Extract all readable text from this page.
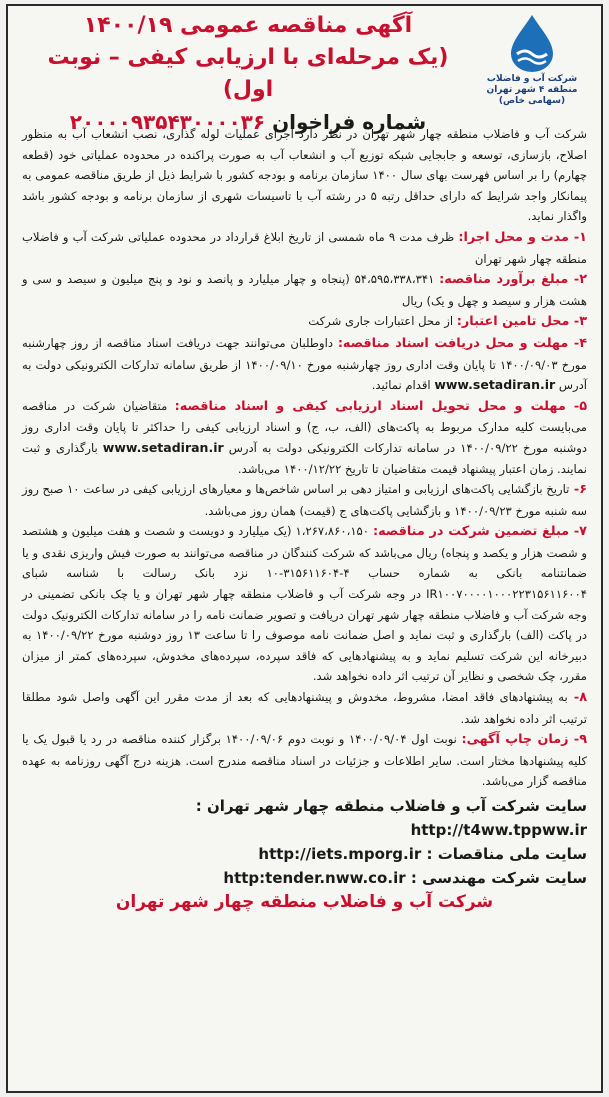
آگهی مناقصه عمومی ۱۴۰۰/۱۹
(یک مرحله‌ای با ارزیابی کیفی – نوبت اول)
شماره فراخوان ۲۰۰۰۰۹۳۵۴۳۰۰۰۰۳۶
شرکت آب و فاضلاب
منطقه ۴ شهر تهران
(سهامی خاص)

شرکت آب و فاضلاب منطقه چهار شهر تهران در نظر دارد اجرای عملیات لوله گذاری، نصب انشعاب آب به منظور اصلاح، بازسازی، توسعه و جابجایی شبکه توزیع آب و انشعاب آب به صورت پراکنده در محدوده عملیاتی خود (قطعه چهارم) را بر اساس فهرست بهای سال ۱۴۰۰ سازمان برنامه و بودجه کشور با شرایط ذیل از طریق مناقصه عمومی به پیمانکار واجد شرایط که دارای حداقل رتبه ۵ در رشته آب با تاسیسات شهری از سازمان برنامه و بودجه کشور باشد واگذار نماید.

۱- مدت و محل اجرا: ظرف مدت ۹ ماه شمسی از تاریخ ابلاغ قرارداد در محدوده عملیاتی شرکت آب و فاضلاب منطقه چهار شهر تهران

۲- مبلغ برآورد مناقصه: ۵۴،۵۹۵،۳۳۸،۳۴۱ (پنجاه و چهار میلیارد و پانصد و نود و پنج میلیون و سیصد و سی و هشت هزار و سیصد و چهل و یک) ریال

۳- محل تامین اعتبار: از محل اعتبارات جاری شرکت

۴- مهلت و محل دریافت اسناد مناقصه: داوطلبان می‌توانند جهت دریافت اسناد مناقصه از روز چهارشنبه مورخ ۱۴۰۰/۰۹/۰۳ تا پایان وقت اداری روز چهارشنبه مورخ ۱۴۰۰/۰۹/۱۰ از طریق سامانه تدارکات الکترونیکی دولت به آدرس www.setadiran.ir اقدام نمائید.

۵- مهلت و محل تحویل اسناد ارزیابی کیفی و اسناد مناقصه: متقاضیان شرکت در مناقصه می‌بایست کلیه مدارک مربوط به پاکت‌های (الف، ب، ج) و اسناد ارزیابی کیفی را حداکثر تا پایان وقت اداری روز دوشنبه مورخ ۱۴۰۰/۰۹/۲۲ در سامانه تدارکات الکترونیکی دولت به آدرس www.setadiran.ir بارگذاری و ثبت نمایند. زمان اعتبار پیشنهاد قیمت متقاضیان تا تاریخ ۱۴۰۰/۱۲/۲۲ می‌باشد.

۶- تاریخ بازگشایی پاکت‌های ارزیابی و امتیاز دهی بر اساس شاخص‌ها و معیارهای ارزیابی کیفی در ساعت ۱۰ صبح روز سه شنبه مورخ ۱۴۰۰/۰۹/۲۳ و بازگشایی پاکت‌های ج (قیمت) همان روز می‌باشد.

۷- مبلغ تضمین شرکت در مناقصه: ۱،۲۶۷،۸۶۰،۱۵۰ (یک میلیارد و دویست و شصت و هفت میلیون و هشتصد و شصت هزار و یکصد و پنجاه) ریال می‌باشد که شرکت کنندگان در مناقصه می‌توانند به صورت فیش واریزی نقدی و یا ضمانتنامه بانکی به شماره حساب ۴-۳۱۵۶۱۱۶۰۴-۱۰ نزد بانک رسالت با شناسه شبای IR۱۰۰۷۰۰۰۰۱۰۰۰۲۲۳۱۵۶۱۱۶۰۰۴ در وجه شرکت آب و فاضلاب منطقه چهار شهر تهران و یا چک بانکی تضمینی در وجه شرکت آب و فاضلاب منطقه چهار شهر تهران دریافت و تصویر ضمانت نامه را در سامانه تدارکات الکترونیک دولت در پاکت (الف) بارگذاری و ثبت نماید و اصل ضمانت نامه موصوف را تا ساعت ۱۳ روز دوشنبه مورخ ۱۴۰۰/۰۹/۲۲ به دبیرخانه این شرکت تسلیم نماید و به پیشنهادهایی که فاقد سپرده، سپرده‌های مخدوش، سپرده‌های کمتر از میزان مقرر، چک شخصی و نظایر آن ترتیب اثر داده نخواهد شد.

۸- به پیشنهادهای فاقد امضا، مشروط، مخدوش و پیشنهادهایی که بعد از مدت مقرر این آگهی واصل شود مطلقا ترتیب اثر داده نخواهد شد.

۹- زمان چاپ آگهی: نوبت اول ۱۴۰۰/۰۹/۰۴ و نوبت دوم ۱۴۰۰/۰۹/۰۶ برگزار کننده مناقصه در رد یا قبول یک یا کلیه پیشنهادها مختار است. سایر اطلاعات و جزئیات در اسناد مناقصه مندرج است. هزینه درج آگهی روزنامه به عهده مناقصه گزار می‌باشد.

سایت شرکت آب و فاضلاب منطقه چهار شهر تهران : http://t4ww.tppww.ir
سایت ملی مناقصات : http://iets.mporg.ir
سایت شرکت مهندسی : http:tender.nww.co.ir
شرکت آب و فاضلاب منطقه چهار شهر تهران
